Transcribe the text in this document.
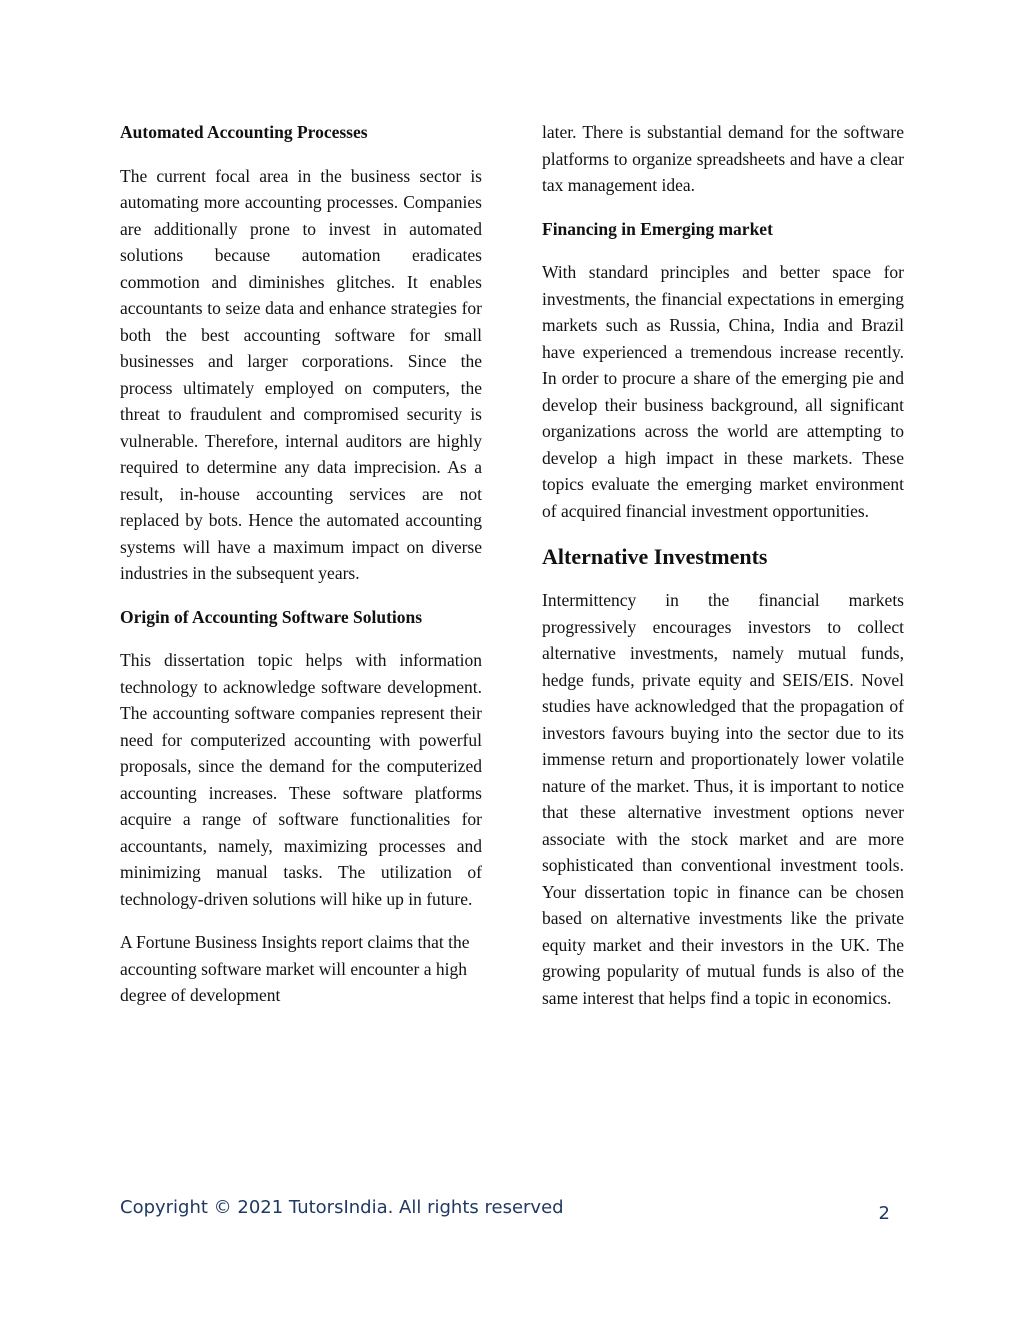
Automated Accounting Processes

The current focal area in the business sector is automating more accounting processes. Companies are additionally prone to invest in automated solutions because automation eradicates commotion and diminishes glitches. It enables accountants to seize data and enhance strategies for both the best accounting software for small businesses and larger corporations. Since the process ultimately employed on computers, the threat to fraudulent and compromised security is vulnerable. Therefore, internal auditors are highly required to determine any data imprecision. As a result, in-house accounting services are not replaced by bots. Hence the automated accounting systems will have a maximum impact on diverse industries in the subsequent years.

Origin of Accounting Software Solutions

This dissertation topic helps with information technology to acknowledge software development. The accounting software companies represent their need for computerized accounting with powerful proposals, since the demand for the computerized accounting increases. These software platforms acquire a range of software functionalities for accountants, namely, maximizing processes and minimizing manual tasks. The utilization of technology-driven solutions will hike up in future.

A Fortune Business Insights report claims that the accounting software market will encounter a high degree of development

later. There is substantial demand for the software platforms to organize spreadsheets and have a clear tax management idea.

Financing in Emerging market

With standard principles and better space for investments, the financial expectations in emerging markets such as Russia, China, India and Brazil have experienced a tremendous increase recently. In order to procure a share of the emerging pie and develop their business background, all significant organizations across the world are attempting to develop a high impact in these markets. These topics evaluate the emerging market environment of acquired financial investment opportunities.

Alternative Investments

Intermittency in the financial markets progressively encourages investors to collect alternative investments, namely mutual funds, hedge funds, private equity and SEIS/EIS. Novel studies have acknowledged that the propagation of investors favours buying into the sector due to its immense return and proportionately lower volatile nature of the market. Thus, it is important to notice that these alternative investment options never associate with the stock market and are more sophisticated than conventional investment tools. Your dissertation topic in finance can be chosen based on alternative investments like the private equity market and their investors in the UK. The growing popularity of mutual funds is also of the same interest that helps find a topic in economics.

Copyright © 2021 TutorsIndia. All rights reserved	2
